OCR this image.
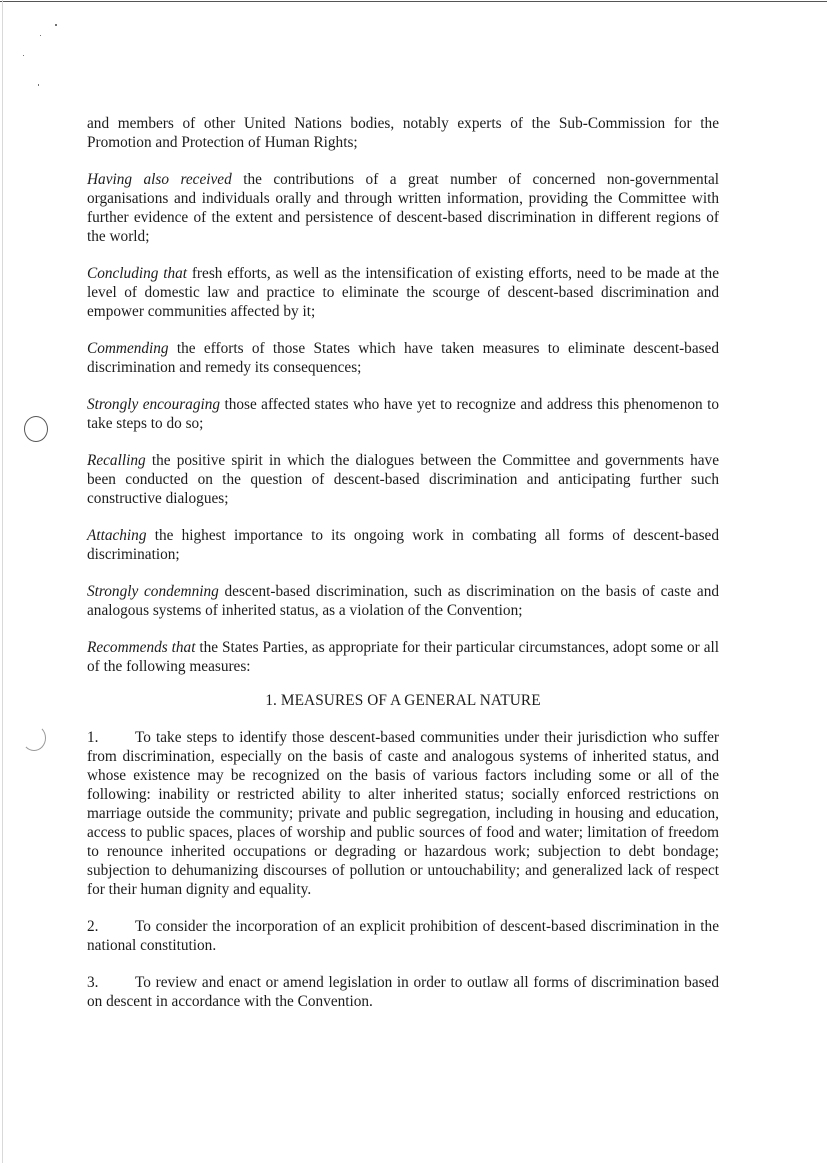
and members of other United Nations bodies, notably experts of the Sub-Commission for the Promotion and Protection of Human Rights;

Having also received the contributions of a great number of concerned non-governmental organisations and individuals orally and through written information, providing the Committee with further evidence of the extent and persistence of descent-based discrimination in different regions of the world;

Concluding that fresh efforts, as well as the intensification of existing efforts, need to be made at the level of domestic law and practice to eliminate the scourge of descent-based discrimination and empower communities affected by it;

Commending the efforts of those States which have taken measures to eliminate descent-based discrimination and remedy its consequences;

Strongly encouraging those affected states who have yet to recognize and address this phenomenon to take steps to do so;

Recalling the positive spirit in which the dialogues between the Committee and governments have been conducted on the question of descent-based discrimination and anticipating further such constructive dialogues;

Attaching the highest importance to its ongoing work in combating all forms of descent-based discrimination;

Strongly condemning descent-based discrimination, such as discrimination on the basis of caste and analogous systems of inherited status, as a violation of the Convention;

Recommends that the States Parties, as appropriate for their particular circumstances, adopt some or all of the following measures:

1. MEASURES OF A GENERAL NATURE

1. To take steps to identify those descent-based communities under their jurisdiction who suffer from discrimination, especially on the basis of caste and analogous systems of inherited status, and whose existence may be recognized on the basis of various factors including some or all of the following: inability or restricted ability to alter inherited status; socially enforced restrictions on marriage outside the community; private and public segregation, including in housing and education, access to public spaces, places of worship and public sources of food and water; limitation of freedom to renounce inherited occupations or degrading or hazardous work; subjection to debt bondage; subjection to dehumanizing discourses of pollution or untouchability; and generalized lack of respect for their human dignity and equality.

2. To consider the incorporation of an explicit prohibition of descent-based discrimination in the national constitution.

3. To review and enact or amend legislation in order to outlaw all forms of discrimination based on descent in accordance with the Convention.
